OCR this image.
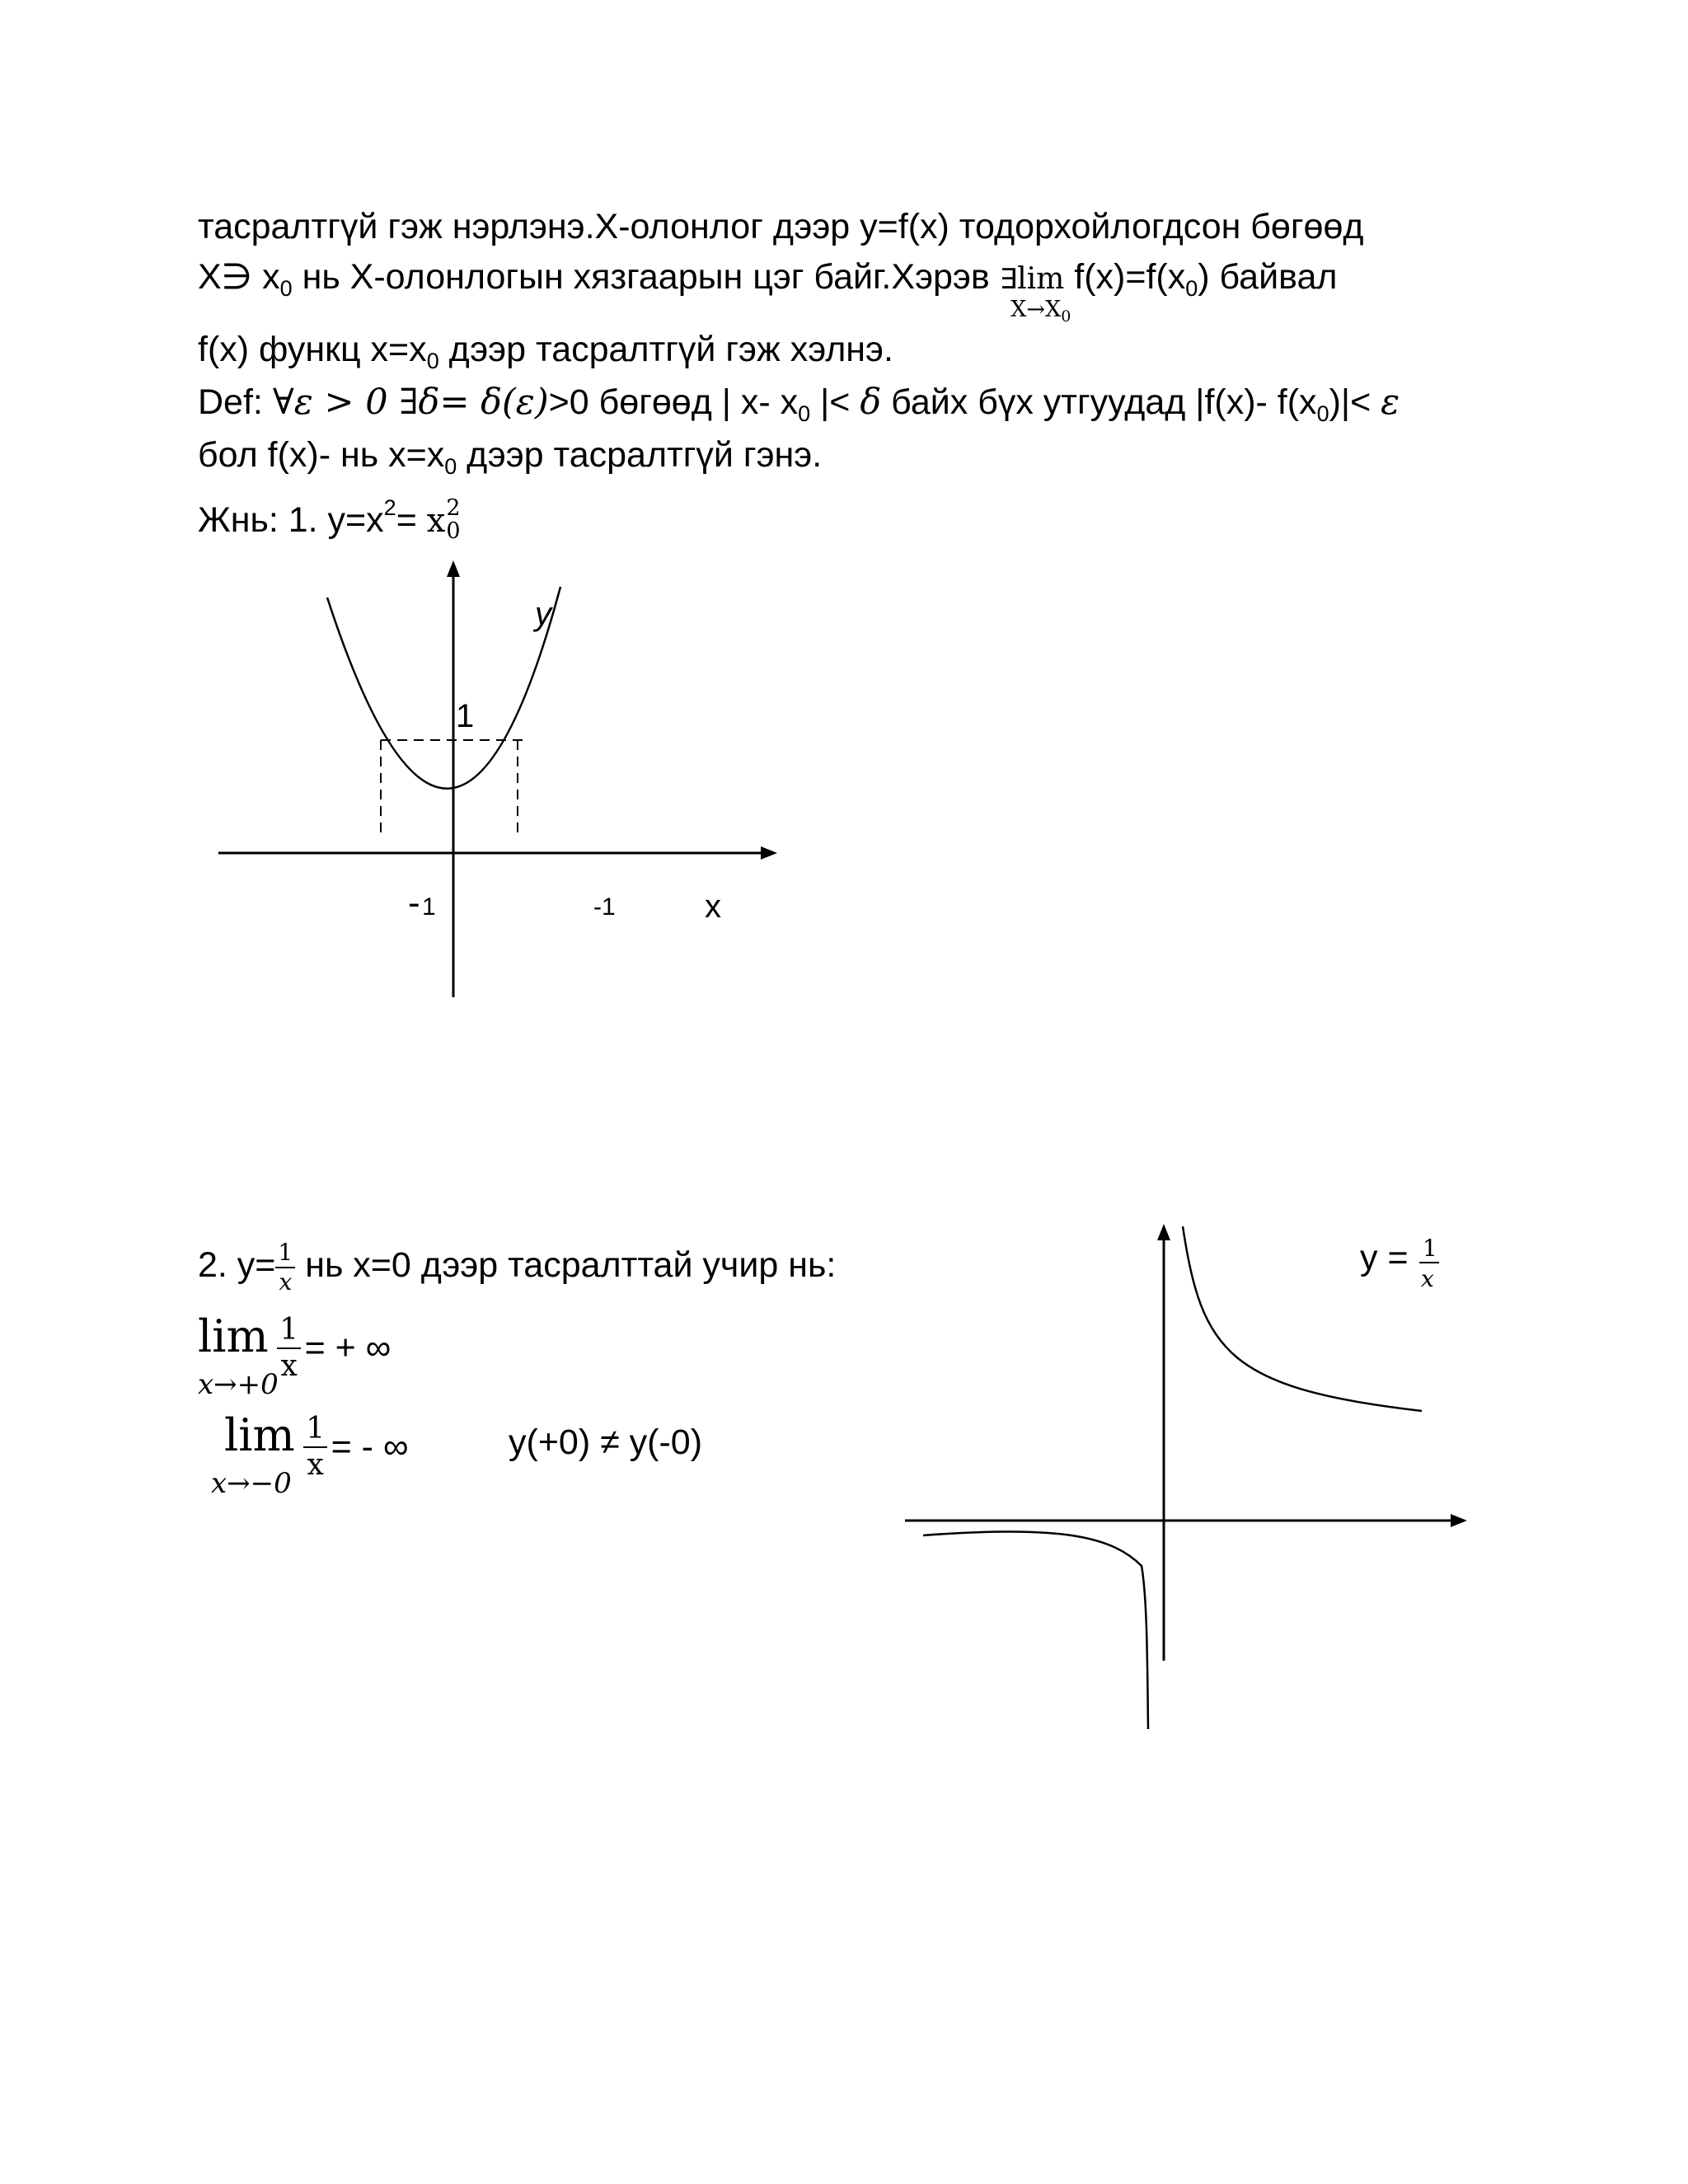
тасралтгүй гэж нэрлэнэ.X-олонлог дээр y=f(x) тодорхойлогдсон бөгөөд
X∋ $x_0$ нь X-олонлогын хязгаарын цэг байг.Хэрэв ∃lim
$X\to X_0$
$f(x)=f(x_0)$ байвал
f(x) функц $x=x_0$ дээр тасралтгүй гэж хэлнэ.
Def: ∀ε > 0 ∃δ= δ(ε)>0 бөгөөд | x- $x_0$ |< δ байх бүх утгуудад |f(x)- $f(x_0)|< \varepsilon$
бол f(x)- нь $x=x_0$ дээр тасралтгүй гэнэ.
Жнь: 1. $y=x^2= x$ 2
0
y
1
- 1	-1	x
2. $y= \frac{1}{x}$ нь x=0 дээр тасралттай учир нь:
lim
x→+0
$\frac{1}{x}$ = + ∞
lim
x→−0
$\frac{1}{x}$ = - ∞	y(+0) ≠ y(-0)
y = 1
x
